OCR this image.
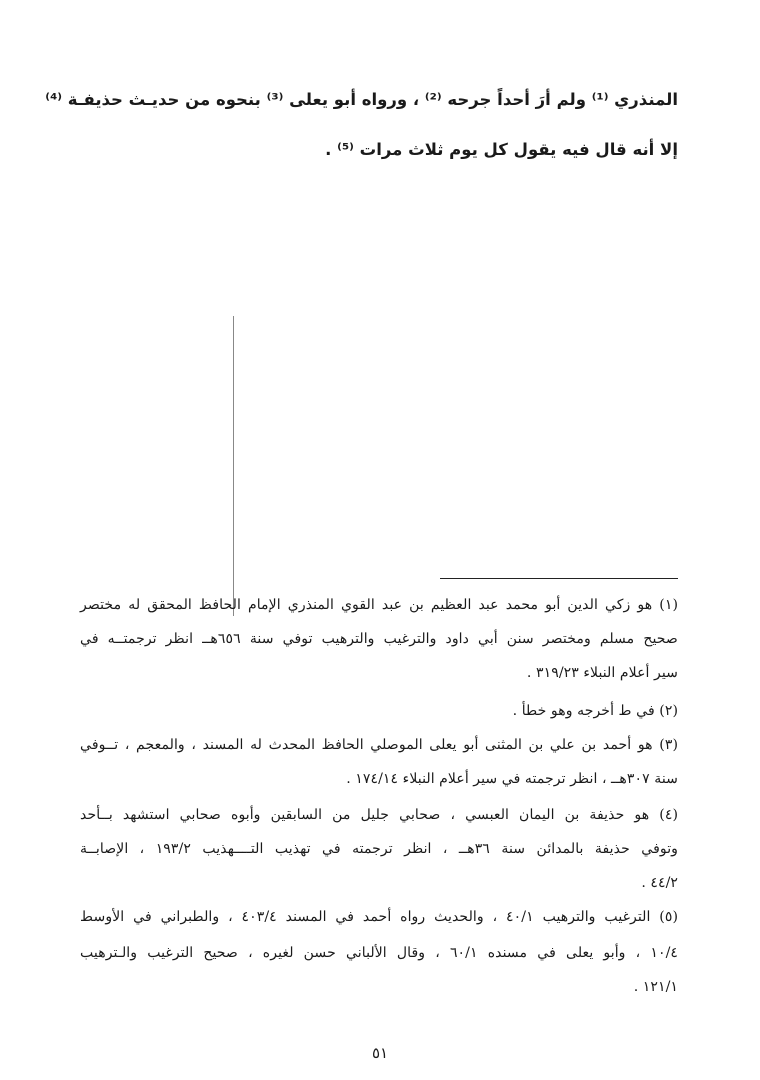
المنذري ⁽¹⁾ ولم أرَ أحداً جرحه ⁽²⁾ ، ورواه أبو يعلى ⁽³⁾ بنحوه من حديـث حذيفـة ⁽⁴⁾
إلا أنه قال فيه يقول كل يوم ثلاث مرات ⁽⁵⁾ .
(١) هو زكي الدين أبو محمد عبد العظيم بن عبد القوي المنذري الإمام الحافظ المحقق له مختصر
صحيح مسلم ومختصر سنن أبي داود والترغيب والترهيب توفي سنة ٦٥٦هــ انظر ترجمتــه في
سير أعلام النبلاء ٣١٩/٢٣ .
(٢) في ط أخرجه وهو خطأ .
(٣) هو أحمد بن علي بن المثنى أبو يعلى الموصلي الحافظ المحدث له المسند ، والمعجم ، تــوفي
سنة ٣٠٧هــ ، انظر ترجمته في سير أعلام النبلاء ١٧٤/١٤ .
(٤) هو حذيفة بن اليمان العبسي ، صحابي جليل من السابقين وأبوه صحابي استشهد بــأحد
وتوفي حذيفة بالمدائن سنة ٣٦هــ ، انظر ترجمته في تهذيب التــــهذيب ١٩٣/٢ ، الإصابــة
٤٤/٢ .
(٥) الترغيب والترهيب ٤٠/١ ، والحديث رواه أحمد في المسند ٤٠٣/٤ ، والطبراني في الأوسط
١٠/٤ ، وأبو يعلى في مسنده ٦٠/١ ، وقال الألباني حسن لغيره ، صحيح الترغيب والـترهيب
١٢١/١ .
٥١
